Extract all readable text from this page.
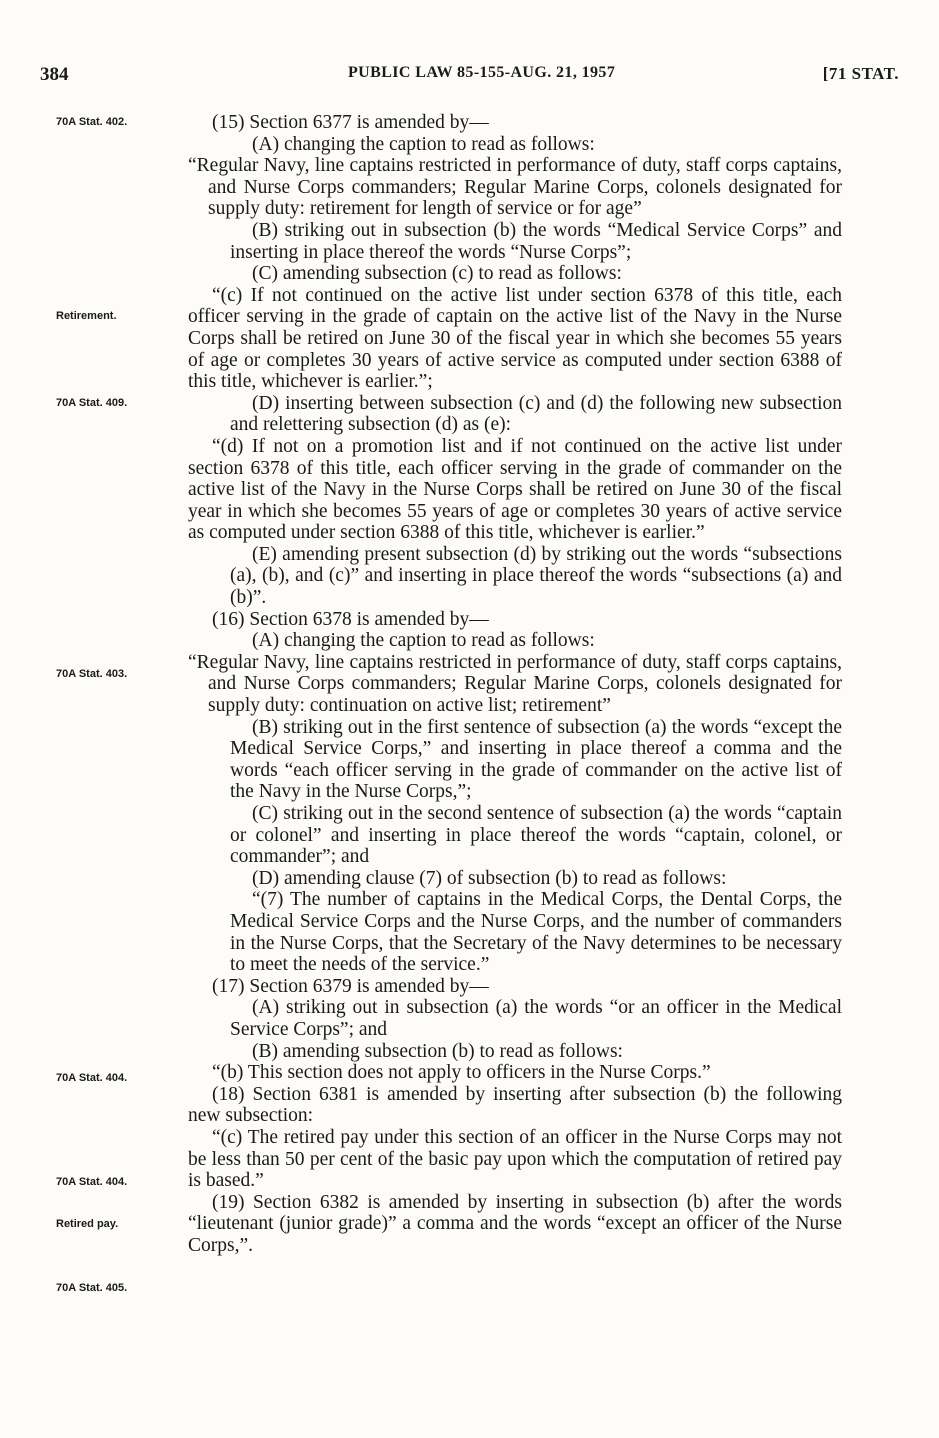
384	PUBLIC LAW 85-155-AUG. 21, 1957	[71 STAT.
70A Stat. 402.
Retirement.
70A Stat. 409.
70A Stat. 403.
70A Stat. 404.
70A Stat. 404.
Retired pay.
70A Stat. 405.

(15) Section 6377 is amended by—

(A) changing the caption to read as follows:

“Regular Navy, line captains restricted in performance of duty, staff corps captains, and Nurse Corps commanders; Regular Marine Corps, colonels designated for supply duty: retirement for length of service or for age”

(B) striking out in subsection (b) the words “Medical Service Corps” and inserting in place thereof the words “Nurse Corps”;

(C) amending subsection (c) to read as follows:

“(c) If not continued on the active list under section 6378 of this title, each officer serving in the grade of captain on the active list of the Navy in the Nurse Corps shall be retired on June 30 of the fiscal year in which she becomes 55 years of age or completes 30 years of active service as computed under section 6388 of this title, whichever is earlier.”;

(D) inserting between subsection (c) and (d) the following new subsection and relettering subsection (d) as (e):

“(d) If not on a promotion list and if not continued on the active list under section 6378 of this title, each officer serving in the grade of commander on the active list of the Navy in the Nurse Corps shall be retired on June 30 of the fiscal year in which she becomes 55 years of age or completes 30 years of active service as computed under section 6388 of this title, whichever is earlier.”

(E) amending present subsection (d) by striking out the words “subsections (a), (b), and (c)” and inserting in place thereof the words “subsections (a) and (b)”.

(16) Section 6378 is amended by—

(A) changing the caption to read as follows:

“Regular Navy, line captains restricted in performance of duty, staff corps captains, and Nurse Corps commanders; Regular Marine Corps, colonels designated for supply duty: continuation on active list; retirement”

(B) striking out in the first sentence of subsection (a) the words “except the Medical Service Corps,” and inserting in place thereof a comma and the words “each officer serving in the grade of commander on the active list of the Navy in the Nurse Corps,”;

(C) striking out in the second sentence of subsection (a) the words “captain or colonel” and inserting in place thereof the words “captain, colonel, or commander”; and

(D) amending clause (7) of subsection (b) to read as follows:

“(7) The number of captains in the Medical Corps, the Dental Corps, the Medical Service Corps and the Nurse Corps, and the number of commanders in the Nurse Corps, that the Secretary of the Navy determines to be necessary to meet the needs of the service.”

(17) Section 6379 is amended by—

(A) striking out in subsection (a) the words “or an officer in the Medical Service Corps”; and

(B) amending subsection (b) to read as follows:

“(b) This section does not apply to officers in the Nurse Corps.”

(18) Section 6381 is amended by inserting after subsection (b) the following new subsection:

“(c) The retired pay under this section of an officer in the Nurse Corps may not be less than 50 per cent of the basic pay upon which the computation of retired pay is based.”

(19) Section 6382 is amended by inserting in subsection (b) after the words “lieutenant (junior grade)” a comma and the words “except an officer of the Nurse Corps,”.
